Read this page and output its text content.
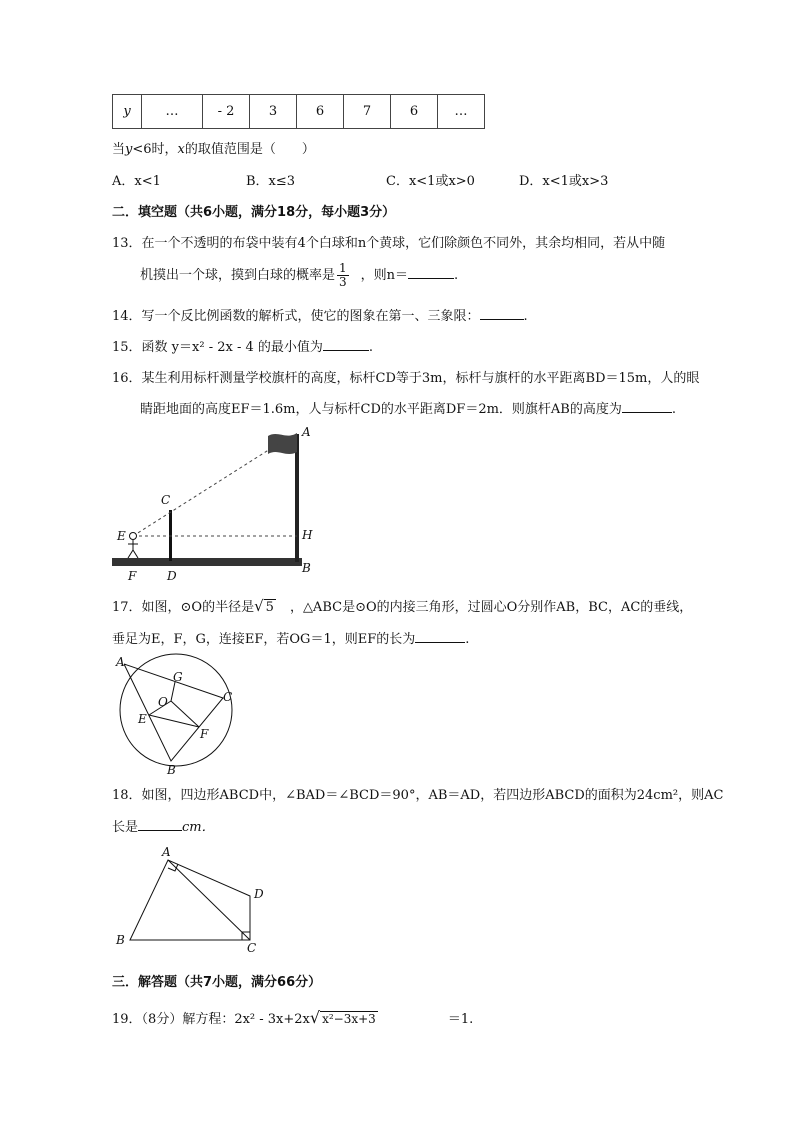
y	…	- 2	3	6	7	6	…
当y<6时，x的取值范围是（　　）
A．x<1	B．x≤3	C．x<1或x>0	D．x<1或x>3
二．填空题（共6小题，满分18分，每小题3分）
13．在一个不透明的布袋中装有4个白球和n个黄球，它们除颜色不同外，其余均相同，若从中随
机摸出一个球，摸到白球的概率是 $\frac{1}{3}$ ，则n＝	.
14．写一个反比例函数的解析式，使它的图象在第一、三象限：	.
15．函数 y＝x² - 2x - 4 的最小值为	.
16．某生利用标杆测量学校旗杆的高度，标杆CD等于3m，标杆与旗杆的水平距离BD＝15m，人的眼
睛距地面的高度EF＝1.6m，人与标杆CD的水平距离DF＝2m．则旗杆AB的高度为	.
A
B
C
D
E
F
H
17．如图，⊙O的半径是√ 5 ，△ABC是⊙O的内接三角形，过圆心O分别作AB，BC，AC的垂线，
垂足为E，F，G，连接EF，若OG＝1，则EF的长为	.
A
B
C
E
F
G
O
18．如图，四边形ABCD中，∠BAD＝∠BCD＝90°，AB＝AD，若四边形ABCD的面积为24cm²，则AC
长是	cm．
A
B
C
D
三．解答题（共7小题，满分66分）
19．（8分）解方程：2x² - 3x+2x√ x²−3x+3	＝1.
